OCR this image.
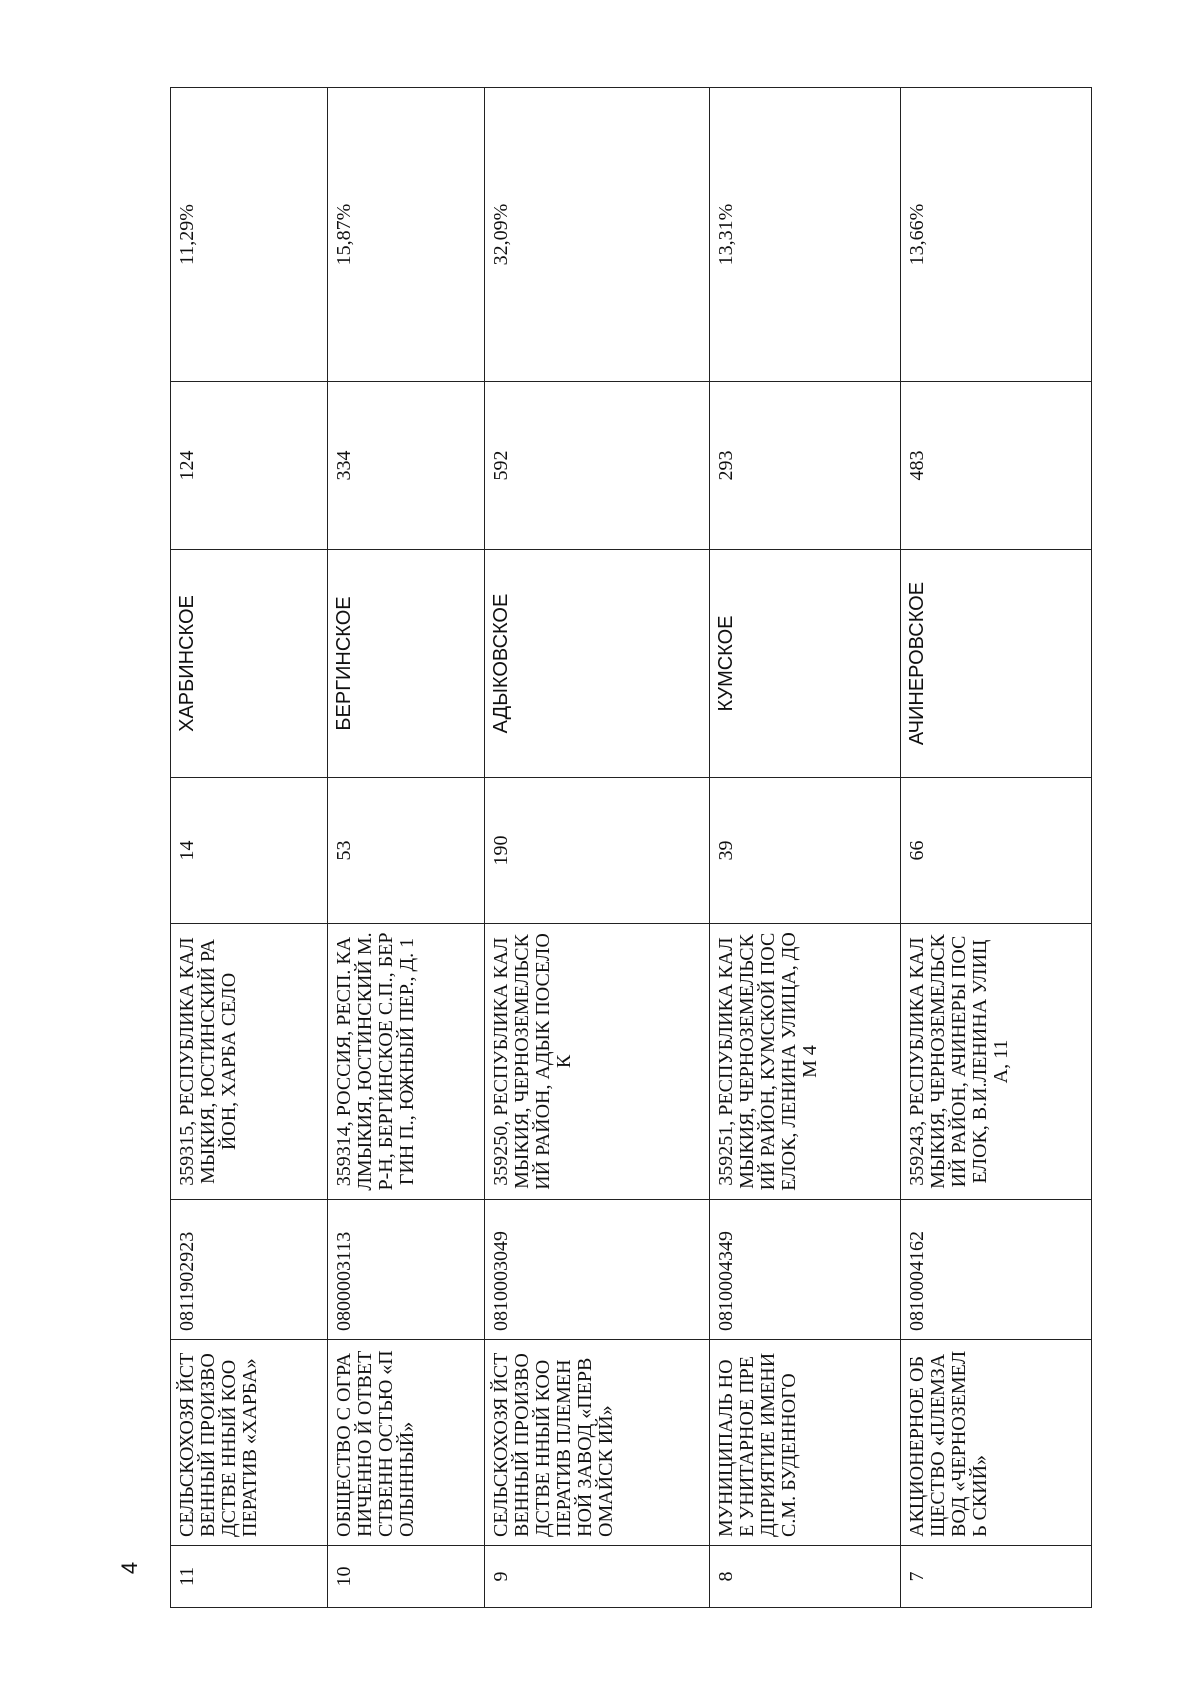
11	СЕЛЬСКОХОЗЯ ЙСТВЕННЫЙ ПРОИЗВОДСТВЕ ННЫЙ КООПЕРАТИВ «ХАРБА»	0811902923	359315, РЕСПУБЛИКА КАЛМЫКИЯ, ЮСТИНСКИЙ РАЙОН, ХАРБА СЕЛО	14	ХАРБИНСКОЕ	124	11,29%
10	ОБЩЕСТВО С ОГРАНИЧЕННО Й ОТВЕТСТВЕНН ОСТЬЮ «ПОЛЫННЫЙ»	0800003113	359314, РОССИЯ, РЕСП. КАЛМЫКИЯ, ЮСТИНСКИЙ М.Р-Н, БЕРГИНСКОЕ С.П., БЕРГИН П., ЮЖНЫЙ ПЕР., Д. 1	53	БЕРГИНСКОЕ	334	15,87%
9	СЕЛЬСКОХОЗЯ ЙСТВЕННЫЙ ПРОИЗВОДСТВЕ ННЫЙ КООПЕРАТИВ ПЛЕМЕННОЙ ЗАВОД «ПЕРВОМАЙСК ИЙ»	0810003049	359250, РЕСПУБЛИКА КАЛМЫКИЯ, ЧЕРНОЗЕМЕЛЬСКИЙ РАЙОН, АДЫК ПОСЕЛОК	190	АДЫКОВСКОЕ	592	32,09%
8	МУНИЦИПАЛЬ НОЕ УНИТАРНОЕ ПРЕДПРИЯТИЕ ИМЕНИ С.М. БУДЕННОГО	0810004349	359251, РЕСПУБЛИКА КАЛМЫКИЯ, ЧЕРНОЗЕМЕЛЬСКИЙ РАЙОН, КУМСКОЙ ПОСЕЛОК, ЛЕНИНА УЛИЦА, ДОМ 4	39	КУМСКОЕ	293	13,31%
7	АКЦИОНЕРНОЕ ОБЩЕСТВО «ПЛЕМЗАВОД «ЧЕРНОЗЕМЕЛЬ СКИЙ»	0810004162	359243, РЕСПУБЛИКА КАЛМЫКИЯ, ЧЕРНОЗЕМЕЛЬСКИЙ РАЙОН, АЧИНЕРЫ ПОСЕЛОК, В.И.ЛЕНИНА УЛИЦА, 11	66	АЧИНЕРОВСКОЕ	483	13,66%
4
